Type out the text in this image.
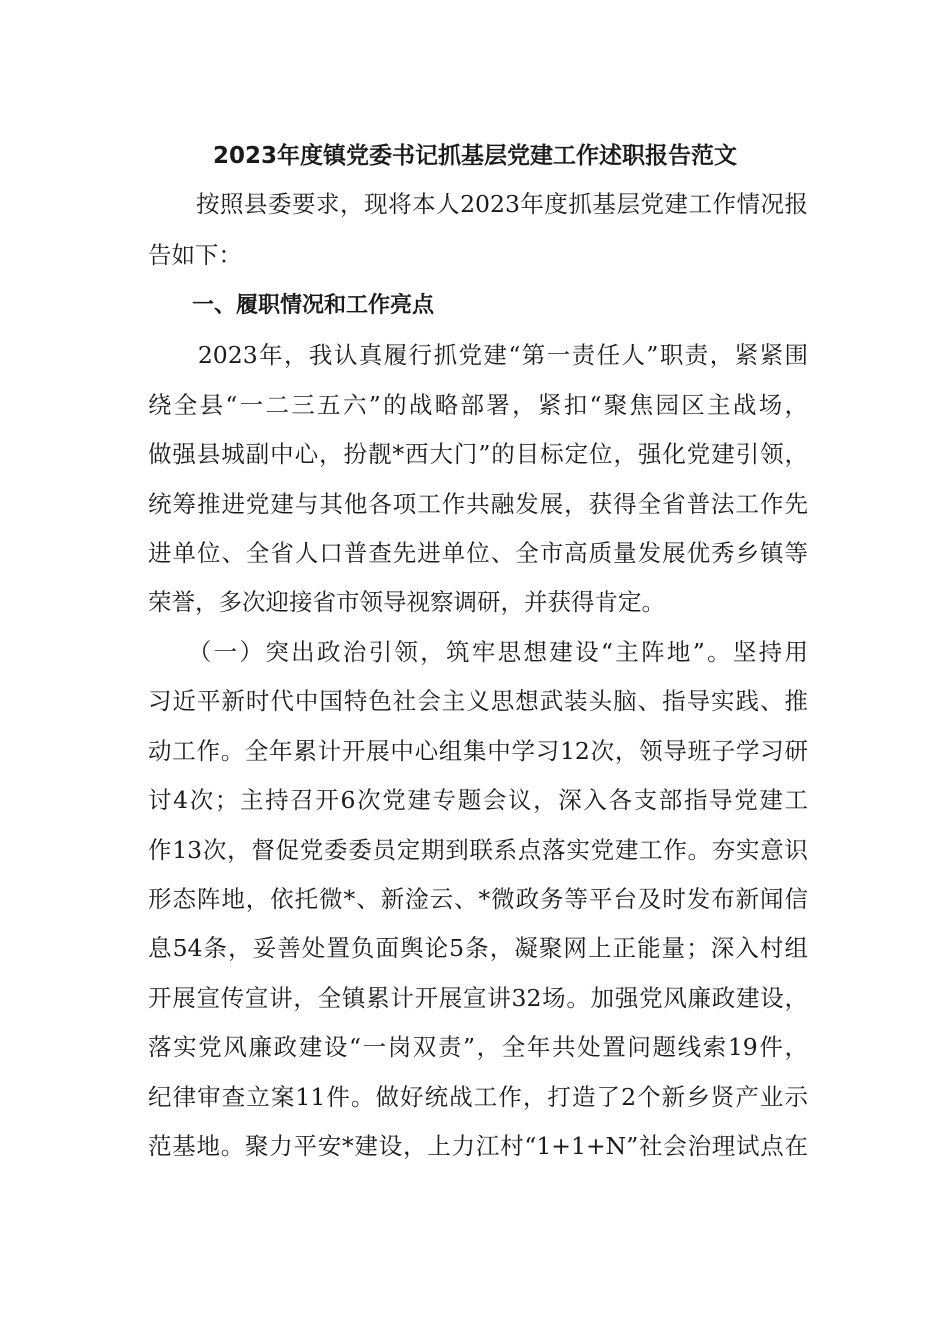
2023年度镇党委书记抓基层党建工作述职报告范文
　　按照县委要求，现将本人2023年度抓基层党建工作情况报
告如下：
　　一、履职情况和工作亮点
　　2023年，我认真履行抓党建“第一责任人”职责，紧紧围
绕全县“一二三五六”的战略部署，紧扣“聚焦园区主战场，
做强县城副中心，扮靓*西大门”的目标定位，强化党建引领，
统筹推进党建与其他各项工作共融发展，获得全省普法工作先
进单位、全省人口普查先进单位、全市高质量发展优秀乡镇等
荣誉，多次迎接省市领导视察调研，并获得肯定。
　　（一）突出政治引领，筑牢思想建设“主阵地”。坚持用
习近平新时代中国特色社会主义思想武装头脑、指导实践、推
动工作。全年累计开展中心组集中学习12次，领导班子学习研
讨4次；主持召开6次党建专题会议，深入各支部指导党建工
作13次，督促党委委员定期到联系点落实党建工作。夯实意识
形态阵地，依托微*、新淦云、*微政务等平台及时发布新闻信
息54条，妥善处置负面舆论5条，凝聚网上正能量；深入村组
开展宣传宣讲，全镇累计开展宣讲32场。加强党风廉政建设，
落实党风廉政建设“一岗双责”，全年共处置问题线索19件，
纪律审查立案11件。做好统战工作，打造了2个新乡贤产业示
范基地。聚力平安*建设，上力江村“1+1+N”社会治理试点在
